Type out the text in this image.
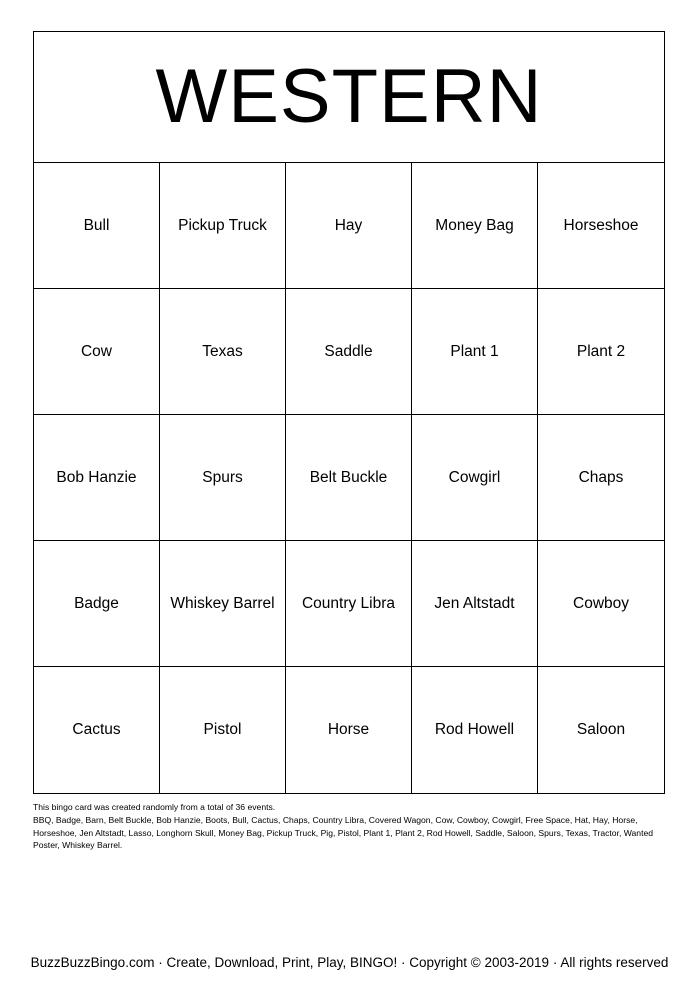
WESTERN
Bull	Pickup Truck	Hay	Money Bag	Horseshoe
Cow	Texas	Saddle	Plant 1	Plant 2
Bob Hanzie	Spurs	Belt Buckle	Cowgirl	Chaps
Badge	Whiskey Barrel	Country Libra	Jen Altstadt	Cowboy
Cactus	Pistol	Horse	Rod Howell	Saloon
This bingo card was created randomly from a total of 36 events.
BBQ, Badge, Barn, Belt Buckle, Bob Hanzie, Boots, Bull, Cactus, Chaps, Country Libra, Covered Wagon, Cow, Cowboy, Cowgirl, Free Space, Hat, Hay, Horse, Horseshoe, Jen Altstadt, Lasso, Longhorn Skull, Money Bag, Pickup Truck, Pig, Pistol, Plant 1, Plant 2, Rod Howell, Saddle, Saloon, Spurs, Texas, Tractor, Wanted Poster, Whiskey Barrel.
BuzzBuzzBingo.com · Create, Download, Print, Play, BINGO! · Copyright © 2003-2019 · All rights reserved
